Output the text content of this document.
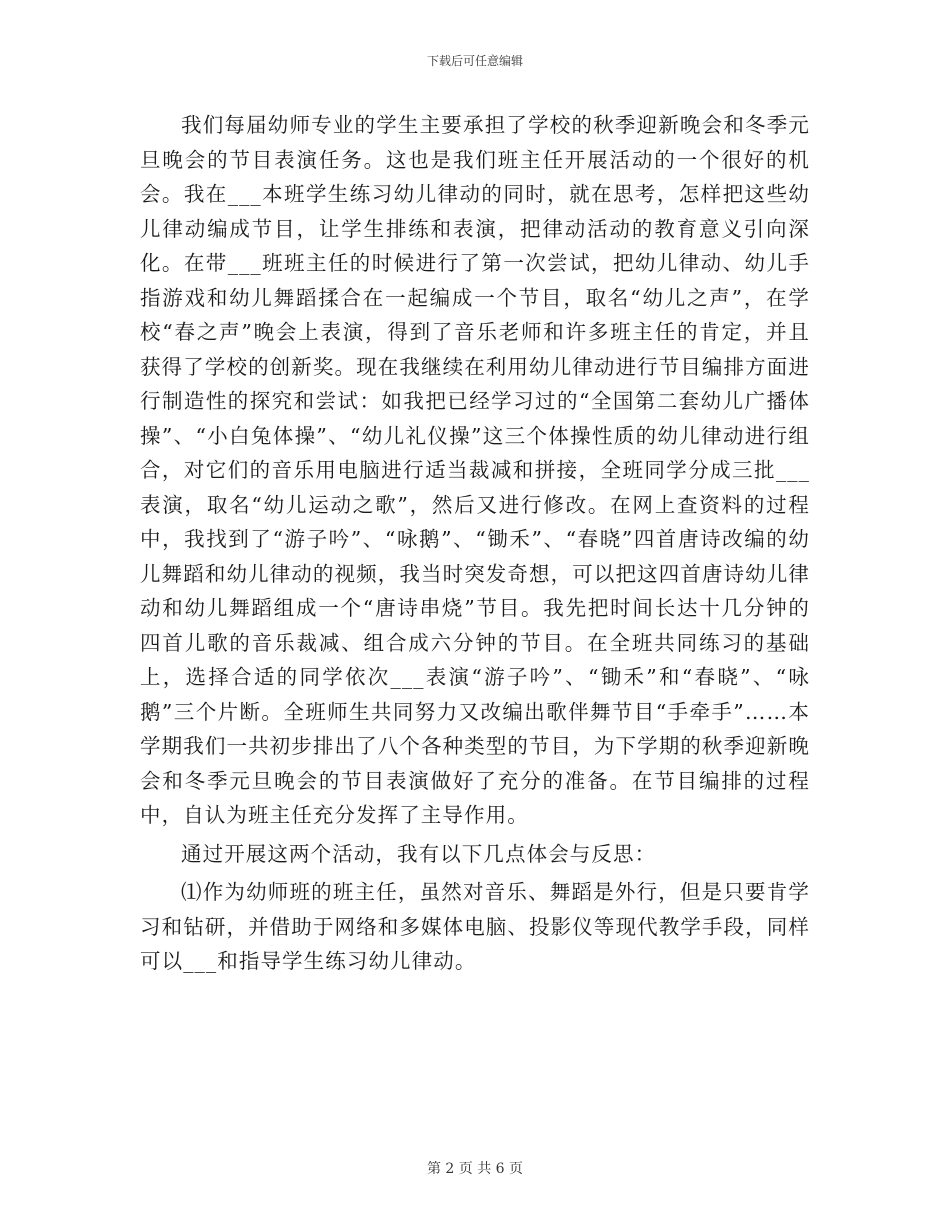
下载后可任意编辑

我们每届幼师专业的学生主要承担了学校的秋季迎新晚会和冬季元旦晚会的节目表演任务。这也是我们班主任开展活动的一个很好的机会。我在___本班学生练习幼儿律动的同时，就在思考，怎样把这些幼儿律动编成节目，让学生排练和表演，把律动活动的教育意义引向深化。在带___班班主任的时候进行了第一次尝试，把幼儿律动、幼儿手指游戏和幼儿舞蹈揉合在一起编成一个节目，取名“幼儿之声”，在学校“春之声”晚会上表演，得到了音乐老师和许多班主任的肯定，并且获得了学校的创新奖。现在我继续在利用幼儿律动进行节目编排方面进行制造性的探究和尝试：如我把已经学习过的“全国第二套幼儿广播体操”、“小白兔体操”、“幼儿礼仪操”这三个体操性质的幼儿律动进行组合，对它们的音乐用电脑进行适当裁减和拼接，全班同学分成三批___表演，取名“幼儿运动之歌”，然后又进行修改。在网上查资料的过程中，我找到了“游子吟”、“咏鹅”、“锄禾”、“春晓”四首唐诗改编的幼儿舞蹈和幼儿律动的视频，我当时突发奇想，可以把这四首唐诗幼儿律动和幼儿舞蹈组成一个“唐诗串烧”节目。我先把时间长达十几分钟的四首儿歌的音乐裁减、组合成六分钟的节目。在全班共同练习的基础上，选择合适的同学依次___表演“游子吟”、“锄禾”和“春晓”、“咏鹅”三个片断。全班师生共同努力又改编出歌伴舞节目“手牵手”……本学期我们一共初步排出了八个各种类型的节目，为下学期的秋季迎新晚会和冬季元旦晚会的节目表演做好了充分的准备。在节目编排的过程中，自认为班主任充分发挥了主导作用。

通过开展这两个活动，我有以下几点体会与反思：

⑴作为幼师班的班主任，虽然对音乐、舞蹈是外行，但是只要肯学习和钻研，并借助于网络和多媒体电脑、投影仪等现代教学手段，同样可以___和指导学生练习幼儿律动。

第 2 页 共 6 页
